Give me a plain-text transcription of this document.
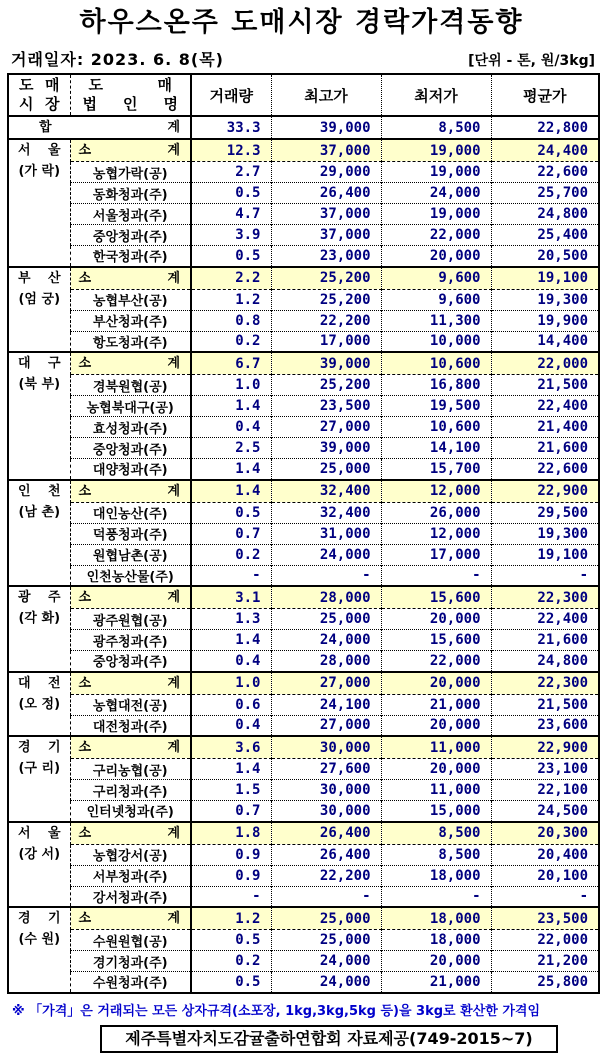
하우스온주 도매시장 경락가격동향
거래일자: 2023. 6. 8(목)	[단위 - 톤, 원/3kg]
도 매
시 장

도	매
법 인 명	거래량	최고가	최저가	평균가

합 계		33.3	39,000	8,500	22,800

서 울
(가 락)

소	계	12.3	37,000	19,000	24,400
	농협가락(공)	2.7	29,000	19,000	22,600
	동화청과(주)	0.5	26,400	24,000	25,700
	서울청과(주)	4.7	37,000	19,000	24,800
	중앙청과(주)	3.9	37,000	22,000	25,400
	한국청과(주)	0.5	23,000	20,000	20,500

부 산
(엄 궁)

소	계	2.2	25,200	9,600	19,100
	농협부산(공)	1.2	25,200	9,600	19,300
	부산청과(주)	0.8	22,200	11,300	19,900
	항도청과(주)	0.2	17,000	10,000	14,400

대 구
(북 부)

소	계	6.7	39,000	10,600	22,000
	경북원협(공)	1.0	25,200	16,800	21,500
	농협북대구(공)	1.4	23,500	19,500	22,400
	효성청과(주)	0.4	27,000	10,600	21,400
	중앙청과(주)	2.5	39,000	14,100	21,600
	대양청과(주)	1.4	25,000	15,700	22,600

인 천
(남 촌)

소	계	1.4	32,400	12,000	22,900
	대인농산(주)	0.5	32,400	26,000	29,500
	덕풍청과(주)	0.7	31,000	12,000	19,300
	원협남촌(공)	0.2	24,000	17,000	19,100
	인천농산물(주)	-	-	-	-

광 주
(각 화)

소	계	3.1	28,000	15,600	22,300
	광주원협(공)	1.3	25,000	20,000	22,400
	광주청과(주)	1.4	24,000	15,600	21,600
	중앙청과(주)	0.4	28,000	22,000	24,800

대 전
(오 정)

소	계	1.0	27,000	20,000	22,300
	농협대전(공)	0.6	24,100	21,000	21,500
	대전청과(주)	0.4	27,000	20,000	23,600

경 기
(구 리)

소	계	3.6	30,000	11,000	22,900
	구리농협(공)	1.4	27,600	20,000	23,100
	구리청과(주)	1.5	30,000	11,000	22,100
	인터넷청과(주)	0.7	30,000	15,000	24,500

서 울
(강 서)

소	계	1.8	26,400	8,500	20,300
	농협강서(공)	0.9	26,400	8,500	20,400
	서부청과(주)	0.9	22,200	18,000	20,100
	강서청과(주)	-	-	-	-

경 기
(수 원)

소	계	1.2	25,000	18,000	23,500
	수원원협(공)	0.5	25,000	18,000	22,000
	경기청과(주)	0.2	24,000	20,000	21,200
	수원청과(주)	0.5	24,000	21,000	25,800
※ 「가격」은 거래되는 모든 상자규격(소포장, 1kg,3kg,5kg 등)을 3kg로 환산한 가격임
제주특별자치도감귤출하연합회 자료제공(749-2015~7)
